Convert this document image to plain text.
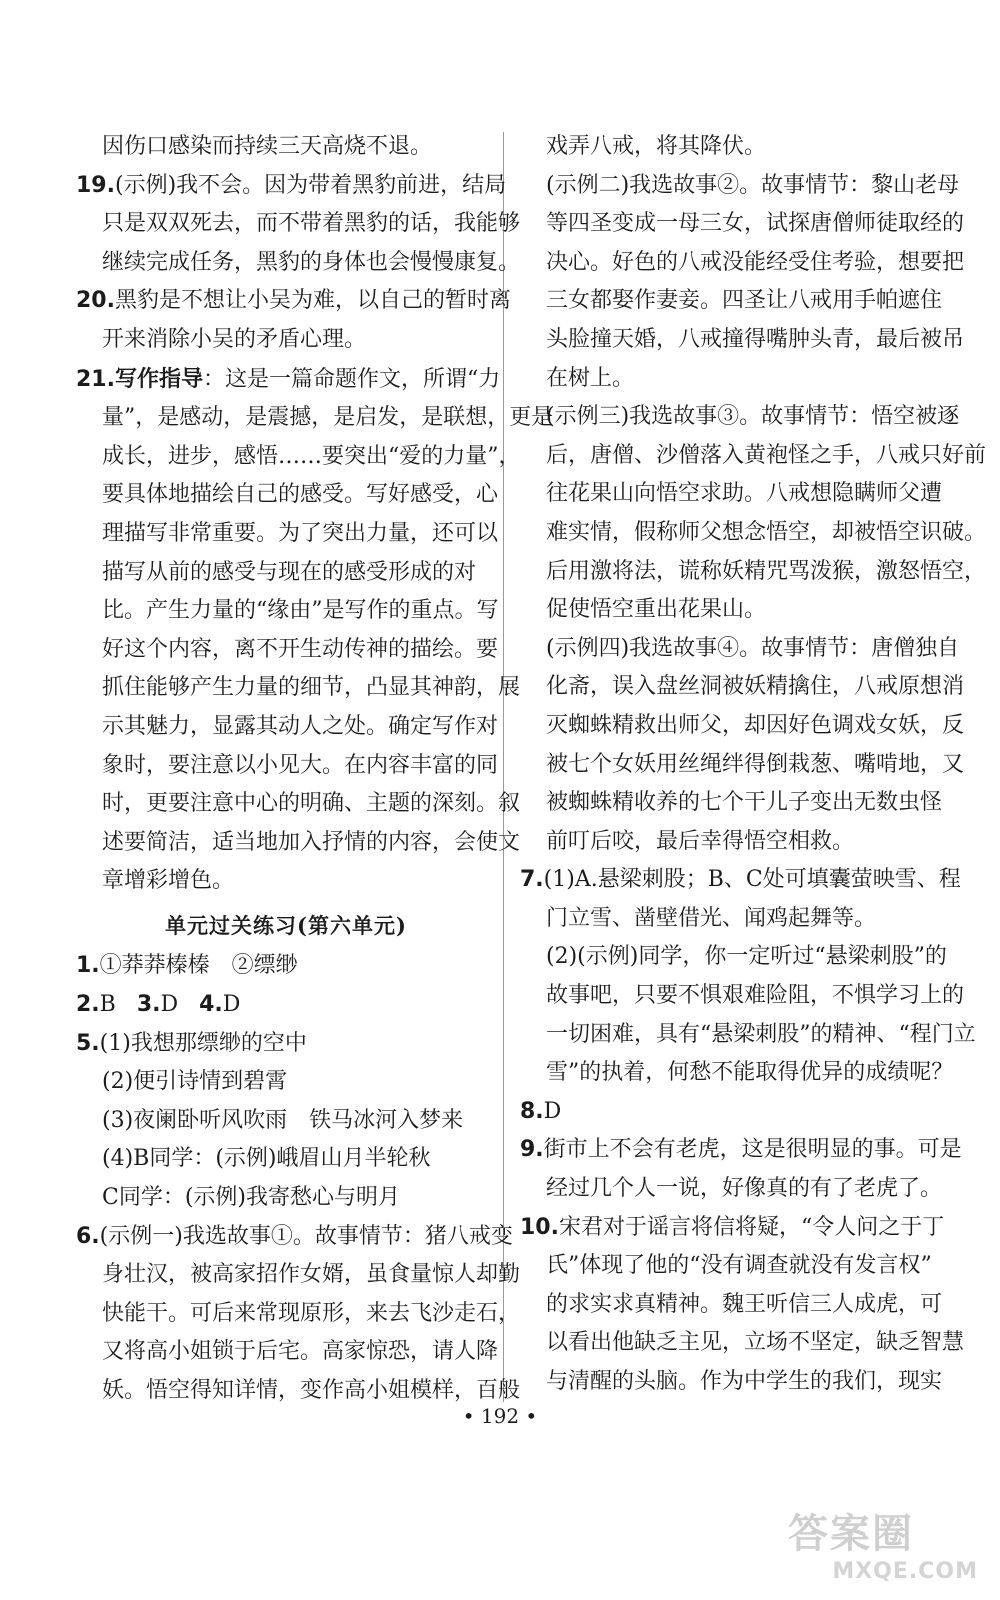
因伤口感染而持续三天高烧不退。
19.(示例)我不会。因为带着黑豹前进，结局
只是双双死去，而不带着黑豹的话，我能够
继续完成任务，黑豹的身体也会慢慢康复。
20.黑豹是不想让小吴为难，以自己的暂时离
开来消除小吴的矛盾心理。
21.写作指导：这是一篇命题作文，所谓“力
量”，是感动，是震撼，是启发，是联想，更是
成长，进步，感悟……要突出“爱的力量”，
要具体地描绘自己的感受。写好感受，心
理描写非常重要。为了突出力量，还可以
描写从前的感受与现在的感受形成的对
比。产生力量的“缘由”是写作的重点。写
好这个内容，离不开生动传神的描绘。要
抓住能够产生力量的细节，凸显其神韵，展
示其魅力，显露其动人之处。确定写作对
象时，要注意以小见大。在内容丰富的同
时，更要注意中心的明确、主题的深刻。叙
述要简洁，适当地加入抒情的内容，会使文
章增彩增色。
单元过关练习(第六单元)
1.①莽莽榛榛　②缥缈
2.B 3.D 4.D
5.(1)我想那缥缈的空中
(2)便引诗情到碧霄
(3)夜阑卧听风吹雨　铁马冰河入梦来
(4)B同学：(示例)峨眉山月半轮秋
C同学：(示例)我寄愁心与明月
6.(示例一)我选故事①。故事情节：猪八戒变
身壮汉，被高家招作女婿，虽食量惊人却勤
快能干。可后来常现原形，来去飞沙走石，
又将高小姐锁于后宅。高家惊恐，请人降
妖。悟空得知详情，变作高小姐模样，百般
戏弄八戒，将其降伏。
(示例二)我选故事②。故事情节：黎山老母
等四圣变成一母三女，试探唐僧师徒取经的
决心。好色的八戒没能经受住考验，想要把
三女都娶作妻妾。四圣让八戒用手帕遮住
头脸撞天婚，八戒撞得嘴肿头青，最后被吊
在树上。
(示例三)我选故事③。故事情节：悟空被逐
后，唐僧、沙僧落入黄袍怪之手，八戒只好前
往花果山向悟空求助。八戒想隐瞒师父遭
难实情，假称师父想念悟空，却被悟空识破。
后用激将法，谎称妖精咒骂泼猴，激怒悟空，
促使悟空重出花果山。
(示例四)我选故事④。故事情节：唐僧独自
化斋，误入盘丝洞被妖精擒住，八戒原想消
灭蜘蛛精救出师父，却因好色调戏女妖，反
被七个女妖用丝绳绊得倒栽葱、嘴啃地，又
被蜘蛛精收养的七个干儿子变出无数虫怪
前叮后咬，最后幸得悟空相救。
7.(1)A.悬梁刺股；B、C处可填囊萤映雪、程
门立雪、凿壁借光、闻鸡起舞等。
(2)(示例)同学，你一定听过“悬梁刺股”的
故事吧，只要不惧艰难险阻，不惧学习上的
一切困难，具有“悬梁刺股”的精神、“程门立
雪”的执着，何愁不能取得优异的成绩呢？
8.D
9.街市上不会有老虎，这是很明显的事。可是
经过几个人一说，好像真的有了老虎了。
10.宋君对于谣言将信将疑，“令人问之于丁
氏”体现了他的“没有调查就没有发言权”
的求实求真精神。魏王听信三人成虎，可
以看出他缺乏主见，立场不坚定，缺乏智慧
与清醒的头脑。作为中学生的我们，现实
• 192 •
答案圈
MXQE.COM
